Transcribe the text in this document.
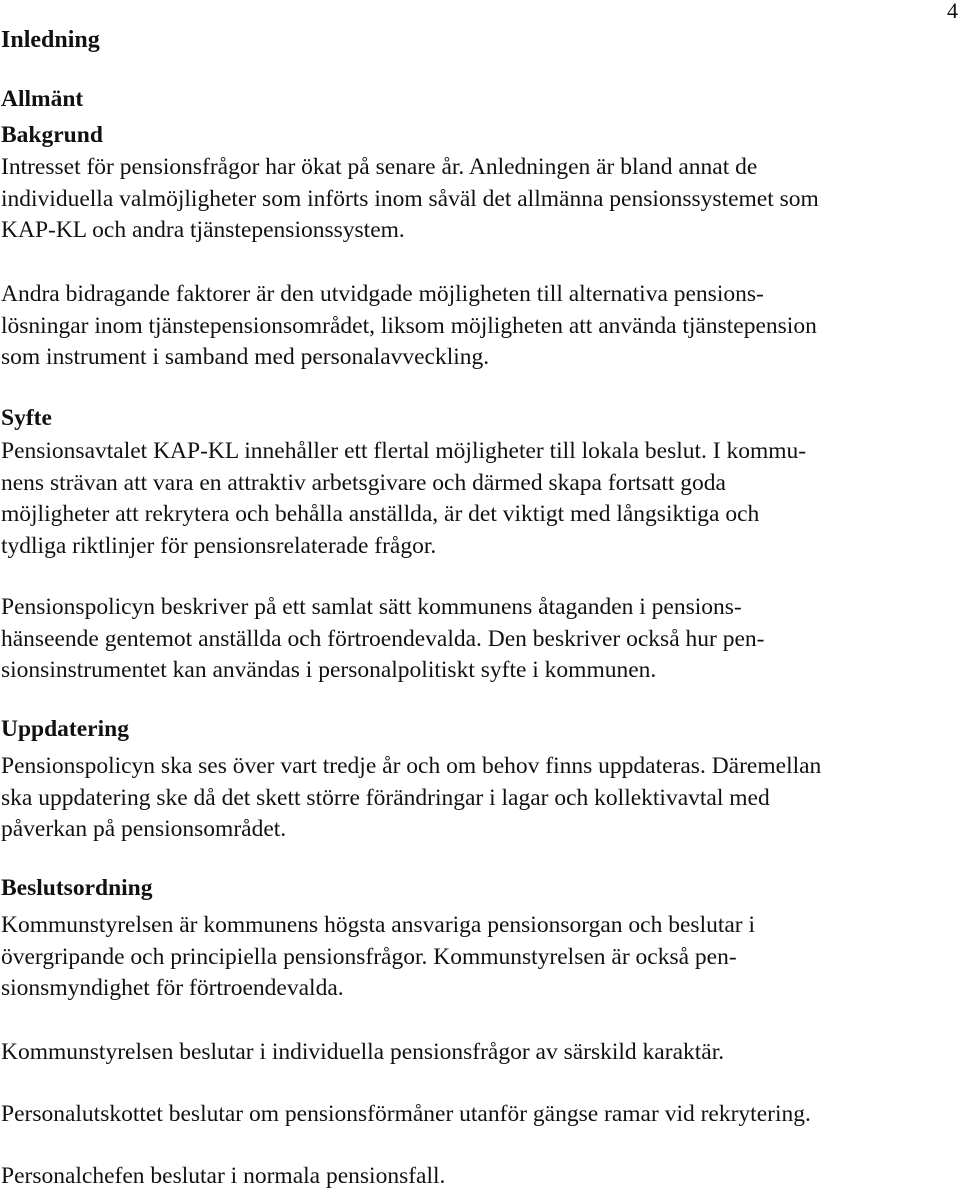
4
Inledning
Allmänt
Bakgrund

Intresset för pensionsfrågor har ökat på senare år. Anledningen är bland annat de
individuella valmöjligheter som införts inom såväl det allmänna pensionssystemet som
KAP-KL och andra tjänstepensionssystem.

Andra bidragande faktorer är den utvidgade möjligheten till alternativa pensions-
lösningar inom tjänstepensionsområdet, liksom möjligheten att använda tjänstepension
som instrument i samband med personalavveckling.

Syfte

Pensionsavtalet KAP-KL innehåller ett flertal möjligheter till lokala beslut. I kommu-
nens strävan att vara en attraktiv arbetsgivare och därmed skapa fortsatt goda
möjligheter att rekrytera och behålla anställda, är det viktigt med långsiktiga och
tydliga riktlinjer för pensionsrelaterade frågor.

Pensionspolicyn beskriver på ett samlat sätt kommunens åtaganden i pensions-
hänseende gentemot anställda och förtroendevalda. Den beskriver också hur pen-
sionsinstrumentet kan användas i personalpolitiskt syfte i kommunen.

Uppdatering

Pensionspolicyn ska ses över vart tredje år och om behov finns uppdateras. Däremellan
ska uppdatering ske då det skett större förändringar i lagar och kollektivavtal med
påverkan på pensionsområdet.

Beslutsordning

Kommunstyrelsen är kommunens högsta ansvariga pensionsorgan och beslutar i
övergripande och principiella pensionsfrågor. Kommunstyrelsen är också pen-
sionsmyndighet för förtroendevalda.

Kommunstyrelsen beslutar i individuella pensionsfrågor av särskild karaktär.

Personalutskottet beslutar om pensionsförmåner utanför gängse ramar vid rekrytering.

Personalchefen beslutar i normala pensionsfall.
